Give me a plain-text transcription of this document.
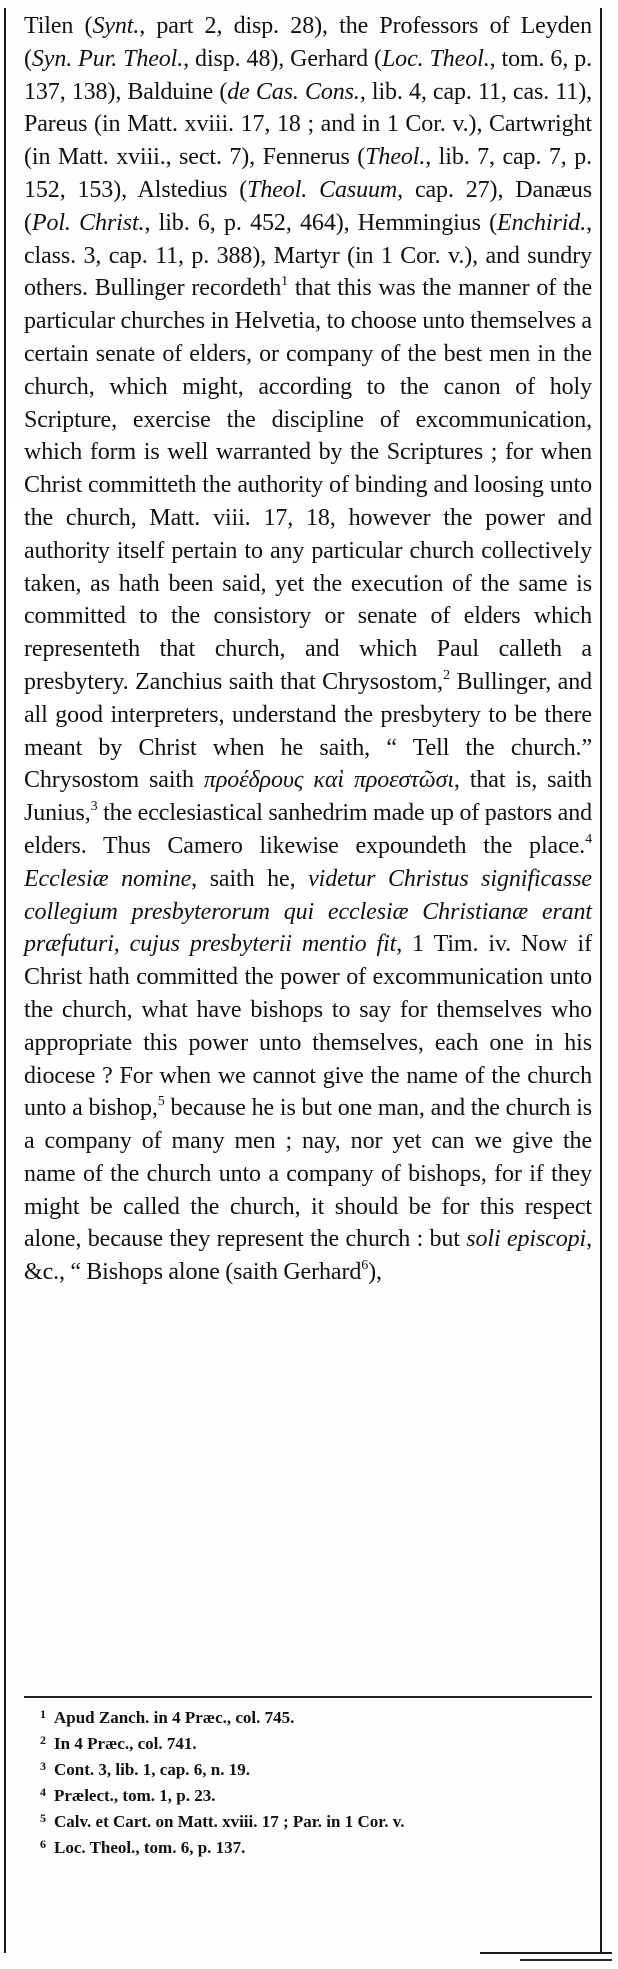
Tilen (Synt., part 2, disp. 28), the Professors of Leyden (Syn. Pur. Theol., disp. 48), Gerhard (Loc. Theol., tom. 6, p. 137, 138), Balduine (de Cas. Cons., lib. 4, cap. 11, cas. 11), Pareus (in Matt. xviii. 17, 18 ; and in 1 Cor. v.), Cartwright (in Matt. xviii., sect. 7), Fennerus (Theol., lib. 7, cap. 7, p. 152, 153), Alstedius (Theol. Casuum, cap. 27), Danæus (Pol. Christ., lib. 6, p. 452, 464), Hemmingius (Enchirid., class. 3, cap. 11, p. 388), Martyr (in 1 Cor. v.), and sundry others. Bullinger recordeth$^1$ that this was the manner of the particular churches in Helvetia, to choose unto themselves a certain senate of elders, or company of the best men in the church, which might, according to the canon of holy Scripture, exercise the discipline of excommunication, which form is well warranted by the Scriptures ; for when Christ committeth the authority of binding and loosing unto the church, Matt. viii. 17, 18, however the power and authority itself pertain to any particular church collectively taken, as hath been said, yet the execution of the same is committed to the consistory or senate of elders which representeth that church, and which Paul calleth a presbytery. Zanchius saith that Chrysostom,$^2$ Bullinger, and all good interpreters, understand the presbytery to be there meant by Christ when he saith, “ Tell the church.” Chrysostom saith προέδρους καὶ προεστῶσι, that is, saith Junius,$^3$ the ecclesiastical sanhedrim made up of pastors and elders. Thus Camero likewise expoundeth the place.$^4$ Ecclesiæ nomine, saith he, videtur Christus significasse collegium presbyterorum qui ecclesiæ Christianæ erant præfuturi, cujus presbyterii mentio fit, 1 Tim. iv. Now if Christ hath committed the power of excommunication unto the church, what have bishops to say for themselves who appropriate this power unto themselves, each one in his diocese ? For when we cannot give the name of the church unto a bishop,$^5$ because he is but one man, and the church is a company of many men ; nay, nor yet can we give the name of the church unto a company of bishops, for if they might be called the church, it should be for this respect alone, because they represent the church : but soli episcopi, &c., “ Bishops alone (saith Gerhard$^6$),

1 Apud Zanch. in 4 Præc., col. 745.
2 In 4 Præc., col. 741.
3 Cont. 3, lib. 1, cap. 6, n. 19.
4 Prælect., tom. 1, p. 23.
5 Calv. et Cart. on Matt. xviii. 17 ; Par. in 1 Cor. v.
6 Loc. Theol., tom. 6, p. 137.
